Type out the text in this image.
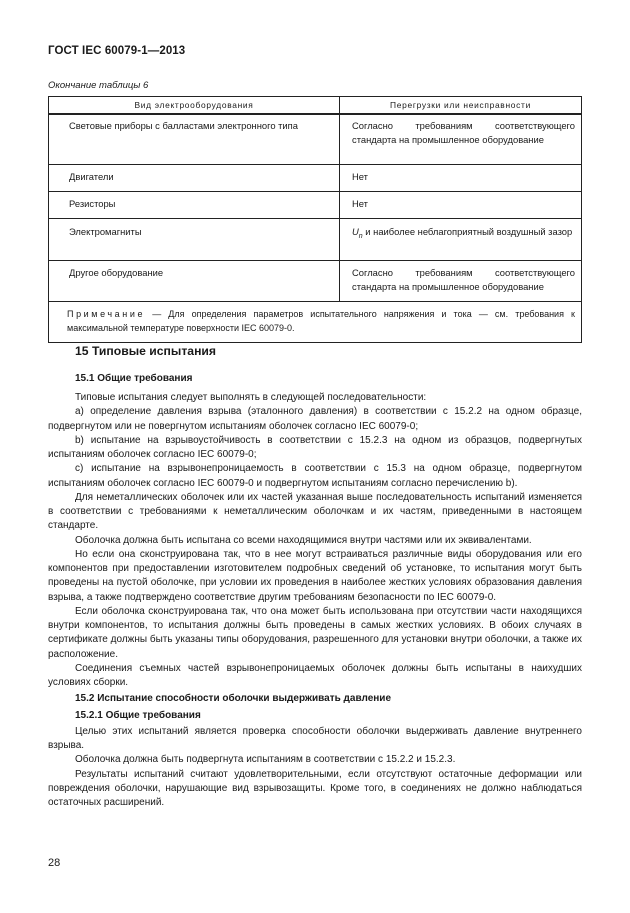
ГОСТ IEC 60079-1—2013
Окончание таблицы 6
Вид электрооборудования	Перегрузки или неисправности
Световые приборы с балластами электронного типа	Согласно требованиям соответствующего стандарта на промышленное оборудование
Двигатели	Нет
Резисторы	Нет
Электромагниты	$U_n$ и наиболее неблагоприятный воздушный зазор
Другое оборудование	Согласно требованиям соответствующего стандарта на промышленное оборудование
Примечание — Для определения параметров испытательного напряжения и тока — см. требования к максимальной температуре поверхности IEC 60079-0.	
15 Типовые испытания
15.1 Общие требования

Типовые испытания следует выполнять в следующей последовательности:

a) определение давления взрыва (эталонного давления) в соответствии с 15.2.2 на одном образце, подвергнутом или не повергнутом испытаниям оболочек согласно IEC 60079-0;

b) испытание на взрывоустойчивость в соответствии с 15.2.3 на одном из образцов, подвергнутых испытаниям оболочек согласно IEC 60079-0;

c) испытание на взрывонепроницаемость в соответствии с 15.3 на одном образце, подвергнутом испытаниям оболочек согласно IEC 60079-0 и подвергнутом испытаниям согласно перечислению b).

Для неметаллических оболочек или их частей указанная выше последовательность испытаний изменяется в соответствии с требованиями к неметаллическим оболочкам и их частям, приведенными в настоящем стандарте.

Оболочка должна быть испытана со всеми находящимися внутри частями или их эквивалентами.

Но если она сконструирована так, что в нее могут встраиваться различные виды оборудования или его компонентов при предоставлении изготовителем подробных сведений об установке, то испытания могут быть проведены на пустой оболочке, при условии их проведения в наиболее жестких условиях образования давления взрыва, а также подтверждено соответствие другим требованиям безопасности по IEC 60079-0.

Если оболочка сконструирована так, что она может быть использована при отсутствии части находящихся внутри компонентов, то испытания должны быть проведены в самых жестких условиях. В обоих случаях в сертификате должны быть указаны типы оборудования, разрешенного для установки внутри оболочки, а также их расположение.

Соединения съемных частей взрывонепроницаемых оболочек должны быть испытаны в наихудших условиях сборки.

15.2 Испытание способности оболочки выдерживать давление

15.2.1 Общие требования

Целью этих испытаний является проверка способности оболочки выдерживать давление внутреннего взрыва.

Оболочка должна быть подвергнута испытаниям в соответствии с 15.2.2 и 15.2.3.

Результаты испытаний считают удовлетворительными, если отсутствуют остаточные деформации или повреждения оболочки, нарушающие вид взрывозащиты. Кроме того, в соединениях не должно наблюдаться остаточных расширений.

28
